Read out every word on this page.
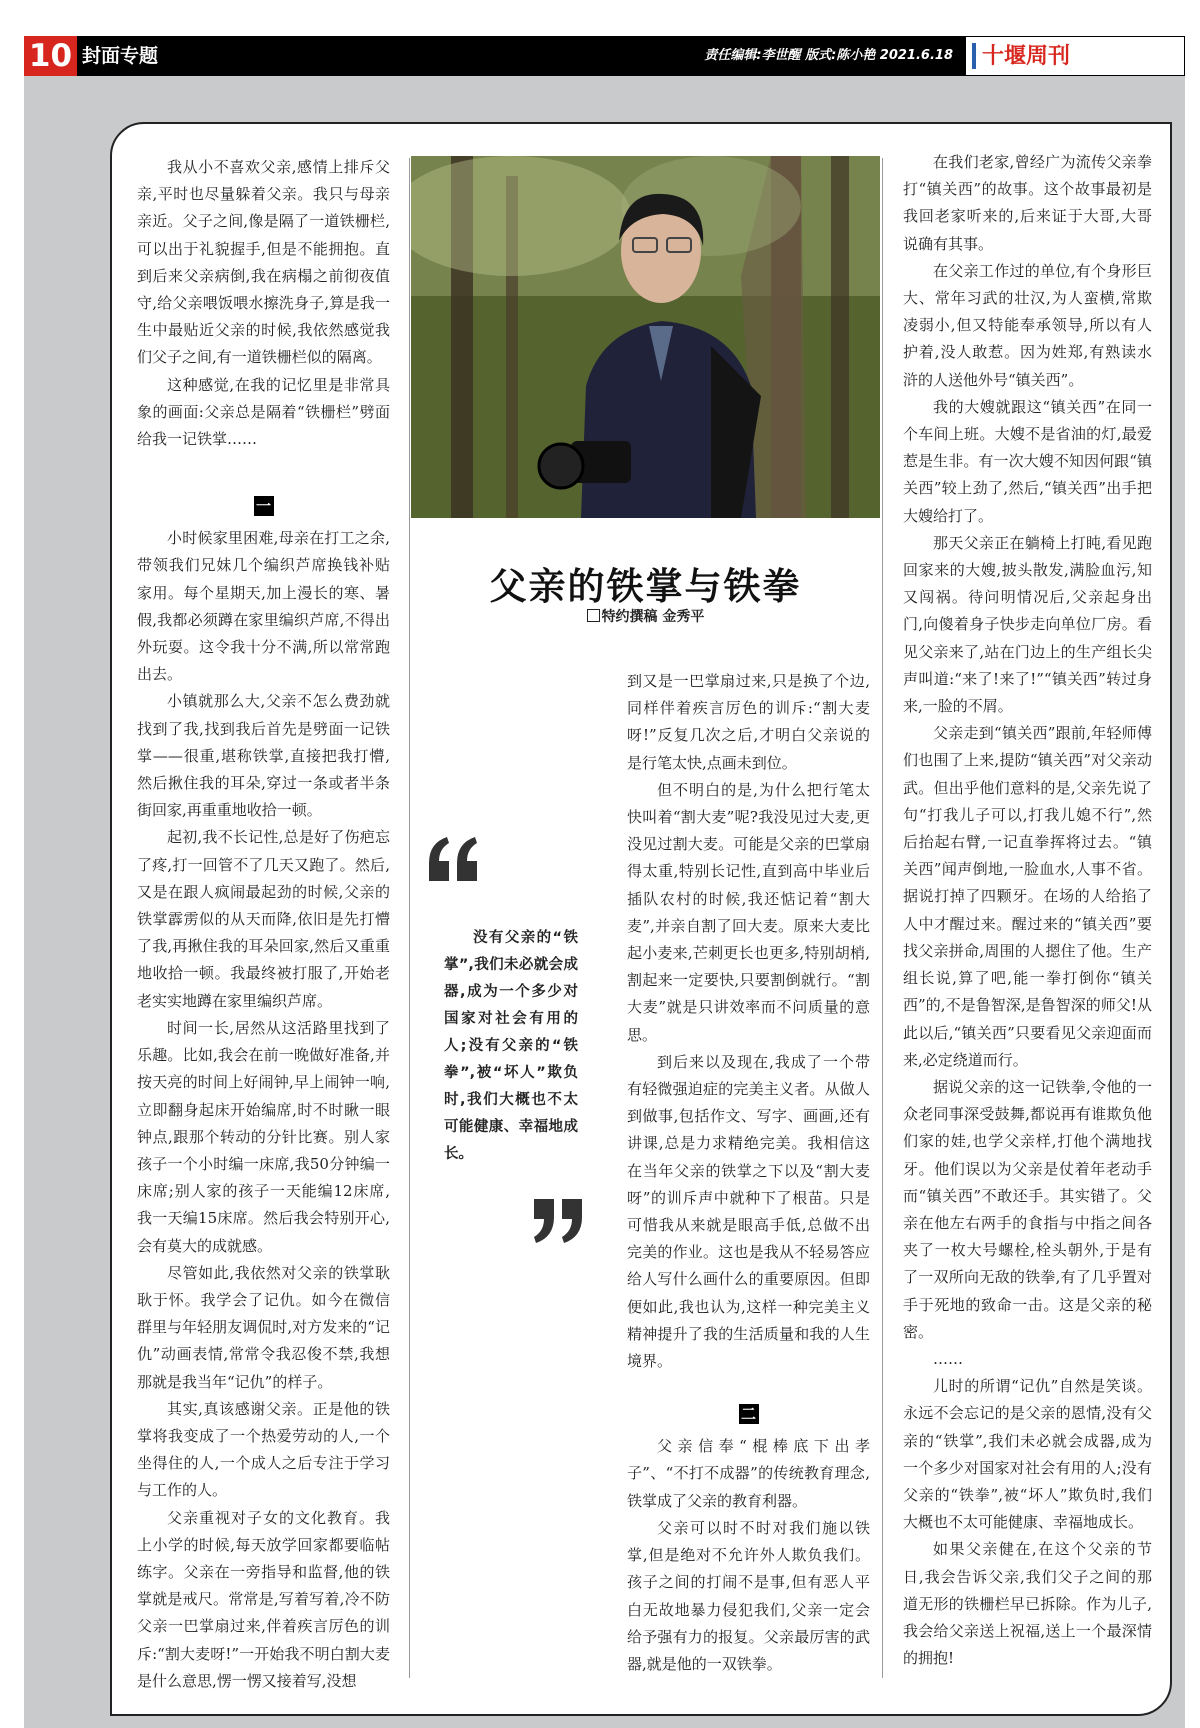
10 封面专题	责任编辑:李世醒 版式:陈小艳 2021.6.18 十堰周刊

我从小不喜欢父亲,感情上排斥父亲,平时也尽量躲着父亲。我只与母亲亲近。父子之间,像是隔了一道铁栅栏,可以出于礼貌握手,但是不能拥抱。直到后来父亲病倒,我在病榻之前彻夜值守,给父亲喂饭喂水擦洗身子,算是我一生中最贴近父亲的时候,我依然感觉我们父子之间,有一道铁栅栏似的隔离。

这种感觉,在我的记忆里是非常具象的画面:父亲总是隔着“铁栅栏”劈面给我一记铁掌……

一

小时候家里困难,母亲在打工之余,带领我们兄妹几个编织芦席换钱补贴家用。每个星期天,加上漫长的寒、暑假,我都必须蹲在家里编织芦席,不得出外玩耍。这令我十分不满,所以常常跑出去。

小镇就那么大,父亲不怎么费劲就找到了我,找到我后首先是劈面一记铁掌——很重,堪称铁掌,直接把我打懵,然后揪住我的耳朵,穿过一条或者半条街回家,再重重地收拾一顿。

起初,我不长记性,总是好了伤疤忘了疼,打一回管不了几天又跑了。然后,又是在跟人疯闹最起劲的时候,父亲的铁掌霹雳似的从天而降,依旧是先打懵了我,再揪住我的耳朵回家,然后又重重地收拾一顿。我最终被打服了,开始老老实实地蹲在家里编织芦席。

时间一长,居然从这活路里找到了乐趣。比如,我会在前一晚做好准备,并按天亮的时间上好闹钟,早上闹钟一响,立即翻身起床开始编席,时不时瞅一眼钟点,跟那个转动的分针比赛。别人家孩子一个小时编一床席,我50分钟编一床席;别人家的孩子一天能编12床席,我一天编15床席。然后我会特别开心,会有莫大的成就感。

尽管如此,我依然对父亲的铁掌耿耿于怀。我学会了记仇。如今在微信群里与年轻朋友调侃时,对方发来的“记仇”动画表情,常常令我忍俊不禁,我想那就是我当年“记仇”的样子。

其实,真该感谢父亲。正是他的铁掌将我变成了一个热爱劳动的人,一个坐得住的人,一个成人之后专注于学习与工作的人。

父亲重视对子女的文化教育。我上小学的时候,每天放学回家都要临帖练字。父亲在一旁指导和监督,他的铁掌就是戒尺。常常是,写着写着,冷不防父亲一巴掌扇过来,伴着疾言厉色的训斥:“割大麦呀!”一开始我不明白割大麦是什么意思,愣一愣又接着写,没想

父亲的铁掌与铁拳
特约撰稿 金秀平
没有父亲的“铁掌”,我们未必就会成器,成为一个多少对国家对社会有用的人;没有父亲的“铁拳”,被“坏人”欺负时,我们大概也不太可能健康、幸福地成长。

到又是一巴掌扇过来,只是换了个边,同样伴着疾言厉色的训斥:“割大麦呀!”反复几次之后,才明白父亲说的是行笔太快,点画未到位。

但不明白的是,为什么把行笔太快叫着“割大麦”呢?我没见过大麦,更没见过割大麦。可能是父亲的巴掌扇得太重,特别长记性,直到高中毕业后插队农村的时候,我还惦记着“割大麦”,并亲自割了回大麦。原来大麦比起小麦来,芒刺更长也更多,特别胡梢,割起来一定要快,只要割倒就行。“割大麦”就是只讲效率而不问质量的意思。

到后来以及现在,我成了一个带有轻微强迫症的完美主义者。从做人到做事,包括作文、写字、画画,还有讲课,总是力求精绝完美。我相信这在当年父亲的铁掌之下以及“割大麦呀”的训斥声中就种下了根苗。只是可惜我从来就是眼高手低,总做不出完美的作业。这也是我从不轻易答应给人写什么画什么的重要原因。但即便如此,我也认为,这样一种完美主义精神提升了我的生活质量和我的人生境界。

二

父亲信奉“棍棒底下出孝子”、“不打不成器”的传统教育理念,铁掌成了父亲的教育利器。

父亲可以时不时对我们施以铁掌,但是绝对不允许外人欺负我们。孩子之间的打闹不是事,但有恶人平白无故地暴力侵犯我们,父亲一定会给予强有力的报复。父亲最厉害的武器,就是他的一双铁拳。

在我们老家,曾经广为流传父亲拳打“镇关西”的故事。这个故事最初是我回老家听来的,后来证于大哥,大哥说确有其事。

在父亲工作过的单位,有个身形巨大、常年习武的壮汉,为人蛮横,常欺凌弱小,但又特能奉承领导,所以有人护着,没人敢惹。因为姓郑,有熟读水浒的人送他外号“镇关西”。

我的大嫂就跟这“镇关西”在同一个车间上班。大嫂不是省油的灯,最爱惹是生非。有一次大嫂不知因何跟“镇关西”较上劲了,然后,“镇关西”出手把大嫂给打了。

那天父亲正在躺椅上打盹,看见跑回家来的大嫂,披头散发,满脸血污,知又闯祸。待问明情况后,父亲起身出门,向傻着身子快步走向单位厂房。看见父亲来了,站在门边上的生产组长尖声叫道:“来了!来了!”“镇关西”转过身来,一脸的不屑。

父亲走到“镇关西”跟前,年轻师傅们也围了上来,提防“镇关西”对父亲动武。但出乎他们意料的是,父亲先说了句“打我儿子可以,打我儿媳不行”,然后抬起右臂,一记直拳挥将过去。“镇关西”闻声倒地,一脸血水,人事不省。据说打掉了四颗牙。在场的人给掐了人中才醒过来。醒过来的“镇关西”要找父亲拼命,周围的人摁住了他。生产组长说,算了吧,能一拳打倒你“镇关西”的,不是鲁智深,是鲁智深的师父!从此以后,“镇关西”只要看见父亲迎面而来,必定绕道而行。

据说父亲的这一记铁拳,令他的一众老同事深受鼓舞,都说再有谁欺负他们家的娃,也学父亲样,打他个满地找牙。他们误以为父亲是仗着年老动手而“镇关西”不敢还手。其实错了。父亲在他左右两手的食指与中指之间各夹了一枚大号螺栓,栓头朝外,于是有了一双所向无敌的铁拳,有了几乎置对手于死地的致命一击。这是父亲的秘密。

……

儿时的所谓“记仇”自然是笑谈。永远不会忘记的是父亲的恩情,没有父亲的“铁掌”,我们未必就会成器,成为一个多少对国家对社会有用的人;没有父亲的“铁拳”,被“坏人”欺负时,我们大概也不太可能健康、幸福地成长。

如果父亲健在,在这个父亲的节日,我会告诉父亲,我们父子之间的那道无形的铁栅栏早已拆除。作为儿子,我会给父亲送上祝福,送上一个最深情的拥抱!
